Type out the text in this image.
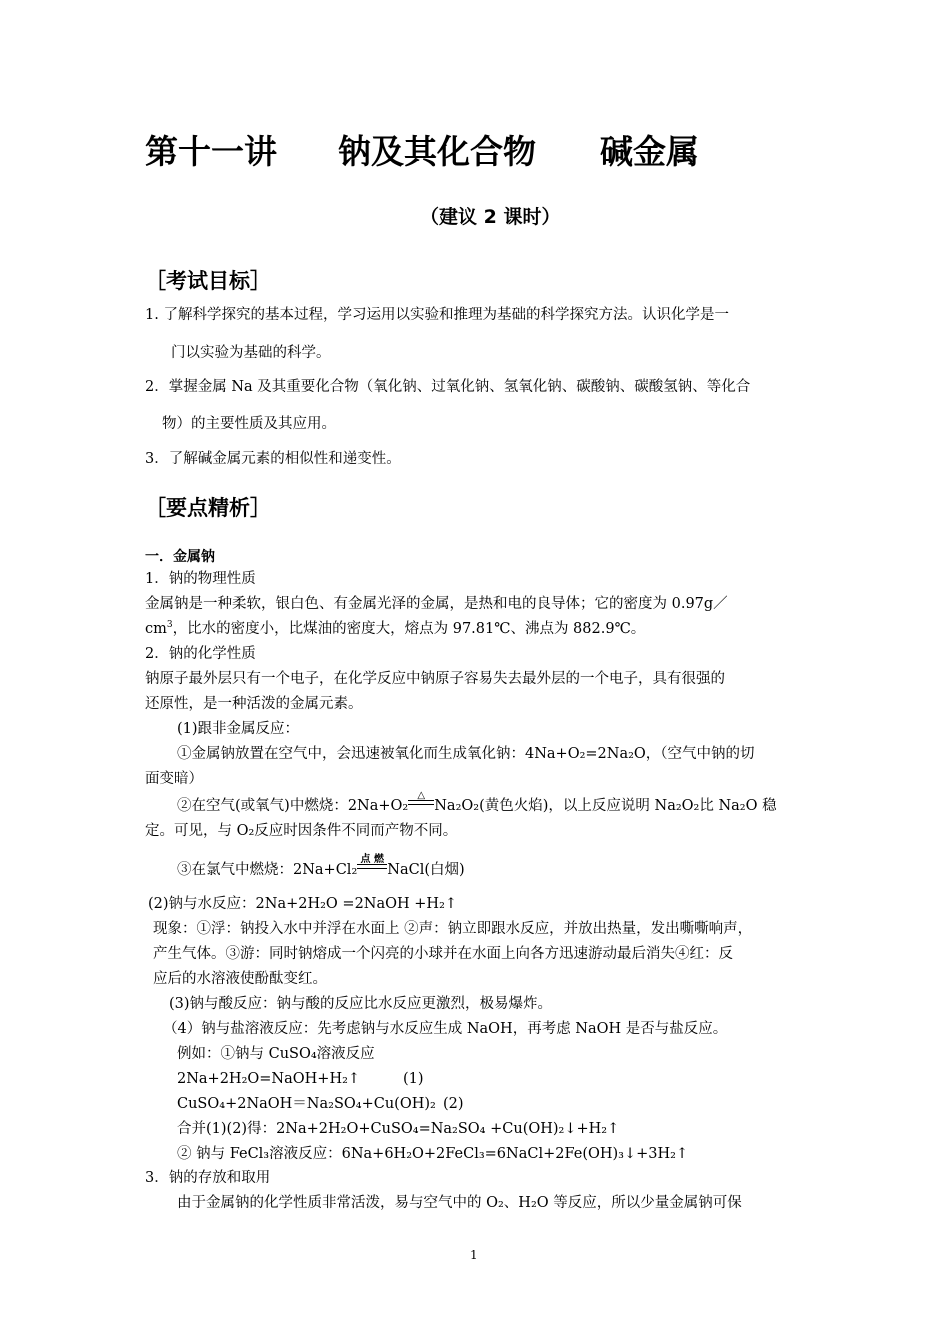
第十一讲 钠及其化合物 碱金属
（建议 2 课时）
［考试目标］
1. 了解科学探究的基本过程，学习运用以实验和推理为基础的科学探究方法。认识化学是一
门以实验为基础的科学。
2．掌握金属 Na 及其重要化合物（氧化钠、过氧化钠、氢氧化钠、碳酸钠、碳酸氢钠、等化合
物）的主要性质及其应用。
3．了解碱金属元素的相似性和递变性。
［要点精析］
一．金属钠
1．钠的物理性质
金属钠是一种柔软，银白色、有金属光泽的金属，是热和电的良导体；它的密度为 0.97g／
$cm^3$，比水的密度小，比煤油的密度大，熔点为 97.81℃、沸点为 882.9℃。
2．钠的化学性质
钠原子最外层只有一个电子，在化学反应中钠原子容易失去最外层的一个电子，具有很强的
还原性，是一种活泼的金属元素。
(1)跟非金属反应：
①金属钠放置在空气中，会迅速被氧化而生成氧化钠：4Na+O₂=2Na₂O，（空气中钠的切
面变暗）
②在空气(或氧气)中燃烧：2Na+O₂
△
Na₂O₂(黄色火焰)，以上反应说明 Na₂O₂比 Na₂O 稳
定。可见，与 O₂反应时因条件不同而产物不同。
③在氯气中燃烧：2Na+Cl₂
点 燃
NaCl(白烟)
(2)钠与水反应：2Na+2H₂O =2NaOH +H₂↑
现象：①浮：钠投入水中并浮在水面上 ②声：钠立即跟水反应，并放出热量，发出嘶嘶响声，
产生气体。③游：同时钠熔成一个闪亮的小球并在水面上向各方迅速游动最后消失④红：反
应后的水溶液使酚酞变红。
(3)钠与酸反应：钠与酸的反应比水反应更激烈，极易爆炸。
（4）钠与盐溶液反应：先考虑钠与水反应生成 NaOH，再考虑 NaOH 是否与盐反应。
例如：①钠与 CuSO₄溶液反应
2Na+2H₂O=NaOH+H₂↑	(1)
CuSO₄+2NaOH＝Na₂SO₄+Cu(OH)₂ (2)
合并(1)(2)得：2Na+2H₂O+CuSO₄=Na₂SO₄ +Cu(OH)₂↓+H₂↑
② 钠与 FeCl₃溶液反应：6Na+6H₂O+2FeCl₃=6NaCl+2Fe(OH)₃↓+3H₂↑
3．钠的存放和取用
由于金属钠的化学性质非常活泼，易与空气中的 O₂、H₂O 等反应，所以少量金属钠可保
1
